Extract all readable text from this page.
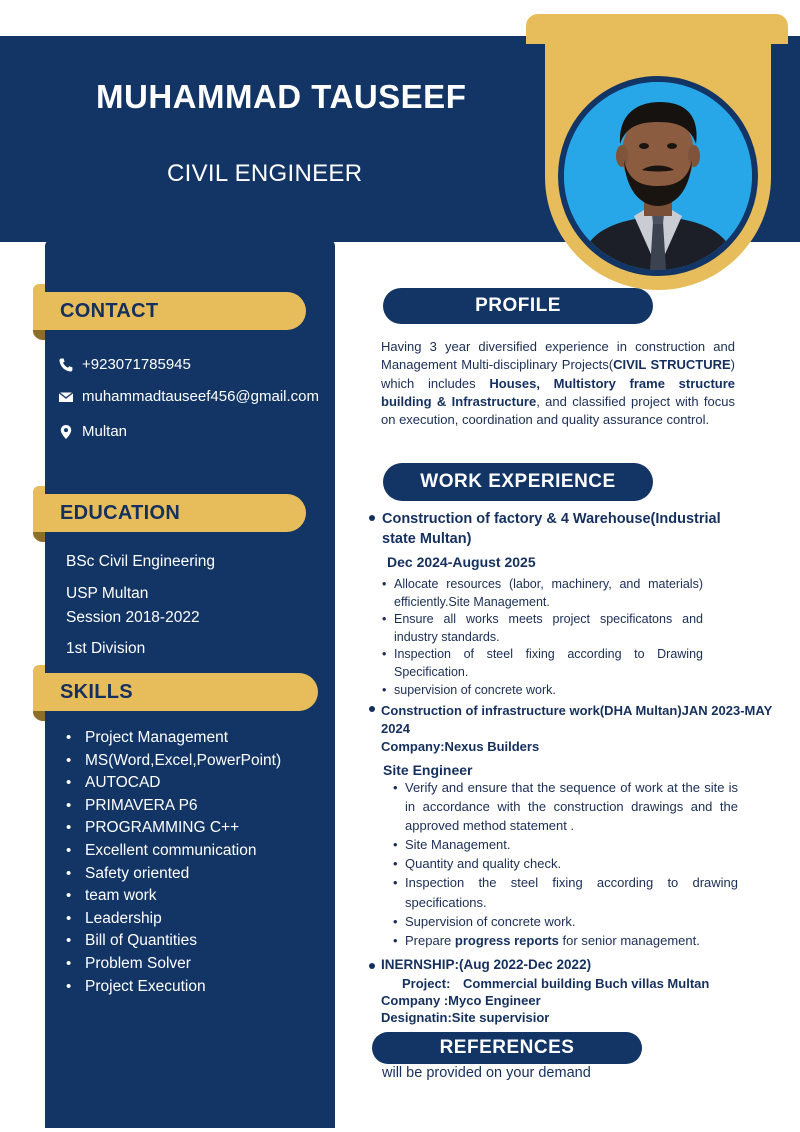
MUHAMMAD TAUSEEF
CIVIL ENGINEER
CONTACT
+923071785945
muhammadtauseef456@gmail.com
Multan
EDUCATION
BSc Civil Engineering
USP Multan
Session 2018-2022
1st Division
SKILLS
• Project Management
• MS(Word,Excel,PowerPoint)
• AUTOCAD
• PRIMAVERA P6
• PROGRAMMING C++
• Excellent communication
• Safety oriented
• team work
• Leadership
• Bill of Quantities
• Problem Solver
• Project Execution
PROFILE

Having 3 year diversified experience in construction and Management Multi-disciplinary Projects(CIVIL STRUCTURE) which includes Houses, Multistory frame structure building & Infrastructure, and classified project with focus on execution, coordination and quality assurance control.

WORK EXPERIENCE
Construction of factory & 4 Warehouse(Industrial
state Multan)
Dec 2024-August 2025
• Allocate resources (labor, machinery, and materials) efficiently.Site Management.
• Ensure all works meets project specificatons and industry standards.
• Inspection of steel fixing according to Drawing Specification.
• supervision of concrete work.
Construction of infrastructure work(DHA Multan)JAN 2023-MAY
2024
Company:Nexus Builders
Site Engineer
• Verify and ensure that the sequence of work at the site is in accordance with the construction drawings and the approved method statement .
• Site Management.
• Quantity and quality check.
• Inspection the steel fixing according to drawing specifications.
• Supervision of concrete work.
• Prepare progress reports for senior management.
INERNSHIP:(Aug 2022-Dec 2022)
Project: Commercial building Buch villas Multan
Company :Myco Engineer
Designatin:Site supervisior
REFERENCES
will be provided on your demand
